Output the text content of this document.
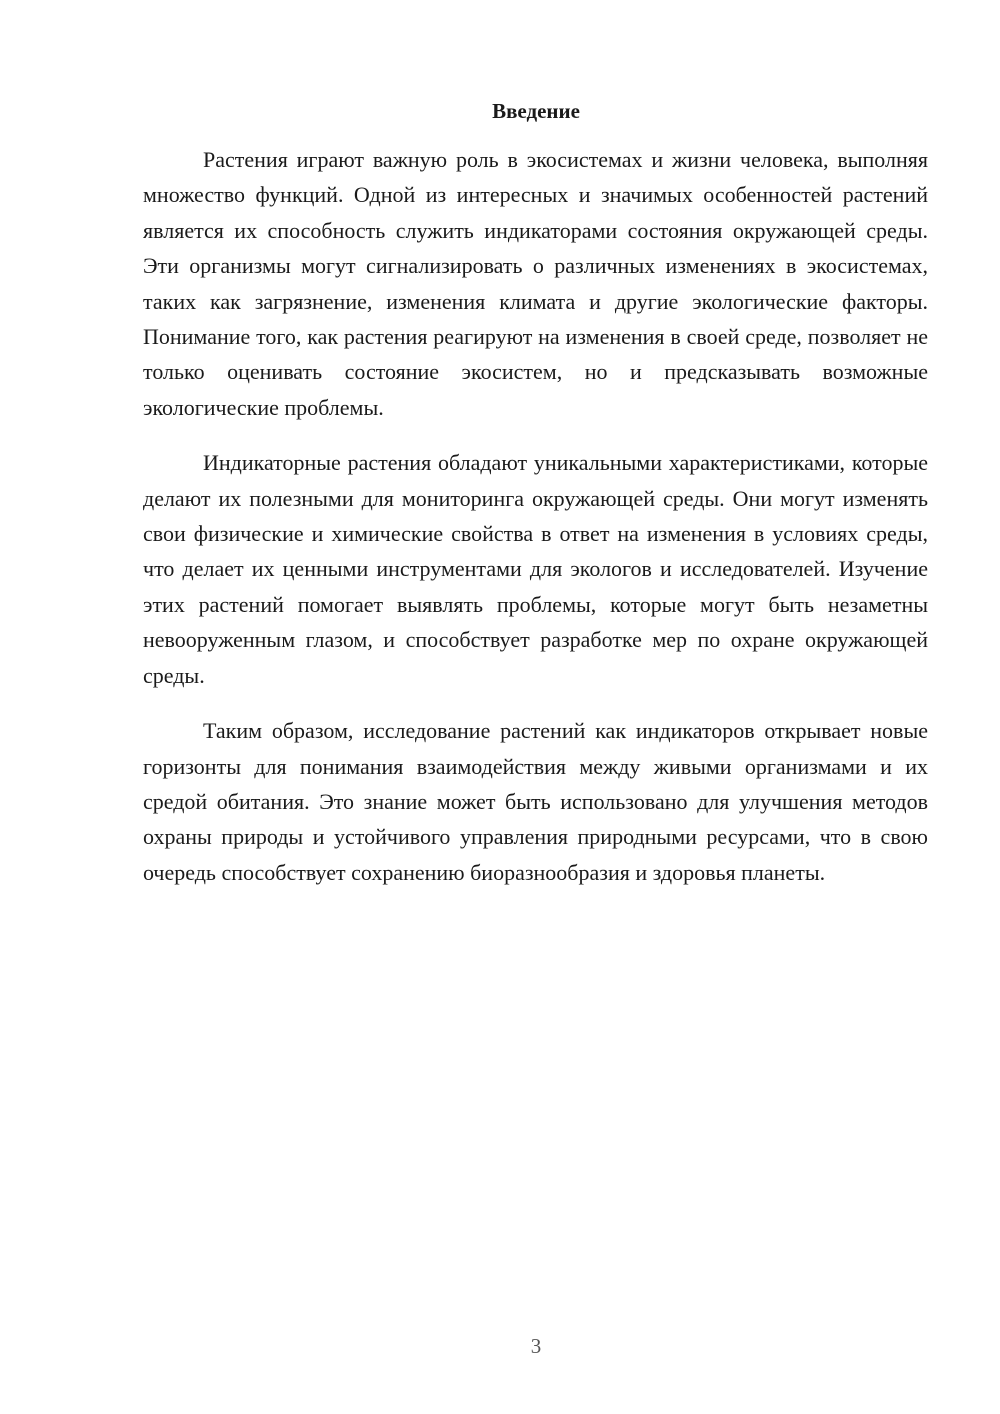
Введение

Растения играют важную роль в экосистемах и жизни человека, выполняя множество функций. Одной из интересных и значимых особенностей растений является их способность служить индикаторами состояния окружающей среды. Эти организмы могут сигнализировать о различных изменениях в экосистемах, таких как загрязнение, изменения климата и другие экологические факторы. Понимание того, как растения реагируют на изменения в своей среде, позволяет не только оценивать состояние экосистем, но и предсказывать возможные экологические проблемы.

Индикаторные растения обладают уникальными характеристиками, которые делают их полезными для мониторинга окружающей среды. Они могут изменять свои физические и химические свойства в ответ на изменения в условиях среды, что делает их ценными инструментами для экологов и исследователей. Изучение этих растений помогает выявлять проблемы, которые могут быть незаметны невооруженным глазом, и способствует разработке мер по охране окружающей среды.

Таким образом, исследование растений как индикаторов открывает новые горизонты для понимания взаимодействия между живыми организмами и их средой обитания. Это знание может быть использовано для улучшения методов охраны природы и устойчивого управления природными ресурсами, что в свою очередь способствует сохранению биоразнообразия и здоровья планеты.

3
